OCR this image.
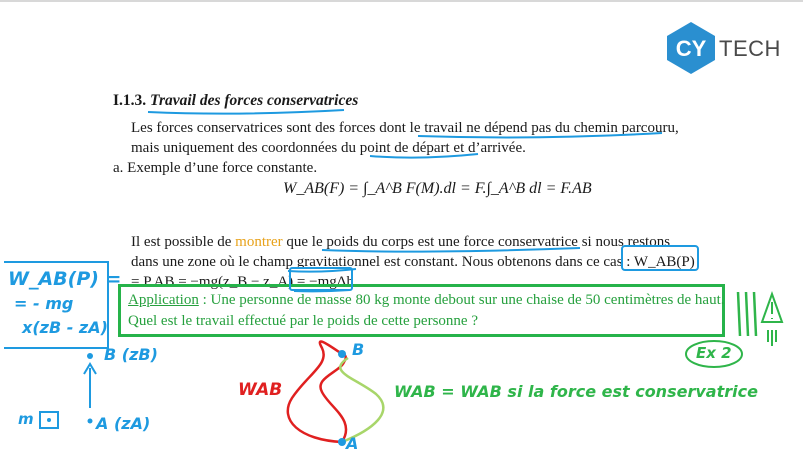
CY TECH
I.1.3. Travail des forces conservatrices
Les forces conservatrices sont des forces dont le travail ne dépend pas du chemin parcouru, mais uniquement des coordonnées du point de départ et d’arrivée.
a. Exemple d’une force constante.
W_AB(F) = ∫_A^B F(M).dl = F.∫_A^B dl = F.AB
Il est possible de montrer que le poids du corps est une force conservatrice si nous restons dans une zone où le champ gravitationnel est constant. Nous obtenons dans ce cas : W_AB(P) = P.AB = −mg(z_B − z_A) = −mgΔh.
Application : Une personne de masse 80 kg monte debout sur une chaise de 50 centimètres de haut. Quel est le travail effectué par le poids de cette personne ?
W_AB(P) =
= - mg
x(zB - zA)
B (zB)
A (zA)
m
B
A
WAB	WAB = WAB si la force est conservatrice
Ex 2
